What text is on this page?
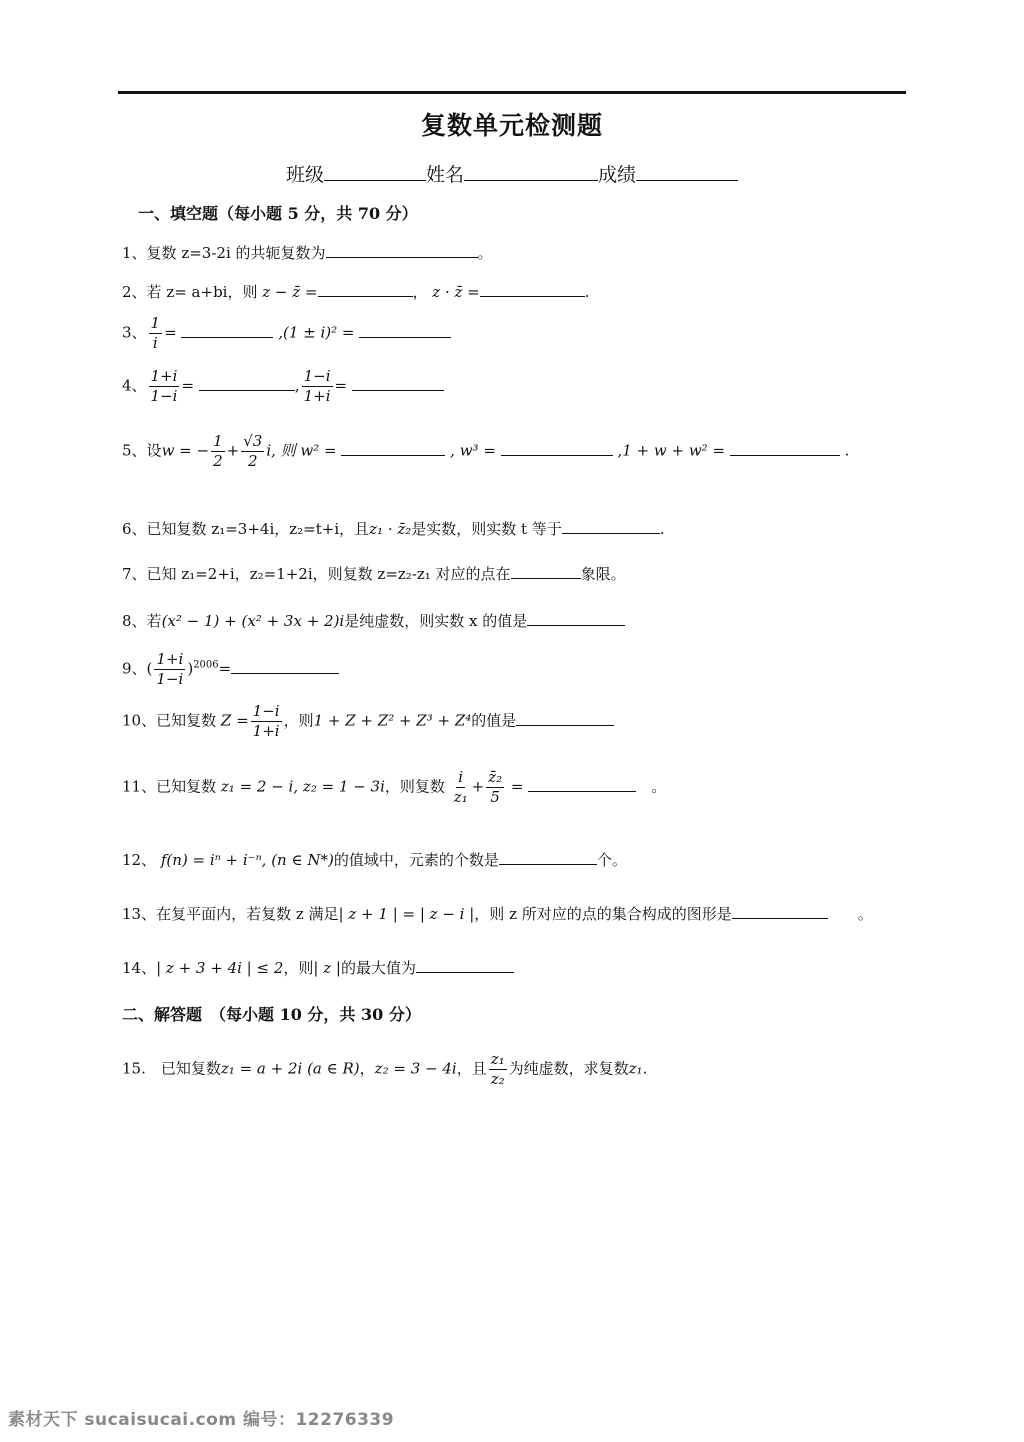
复数单元检测题
班级	姓名	成绩
一、填空题（每小题 5 分，共 70 分）
1、复数 z=3-2i 的共轭复数为	。
2、若 z= a+bi，则 z − z̄ =	， z · z̄ =	.
3、 $\frac{1}{i}$ =	,(1 ± i)² =
4、 $\frac{1+i}{1-i}$ =	, $\frac{1-i}{1+i}$ =
5、设w = − $\frac{1}{2} + \frac{√3}{2} i$, 则 w² =	, w³ =	,1 + w + w² =	.
6、已知复数 z₁=3+4i，z₂=t+i，且z₁ · z̄₂是实数，则实数 t 等于	.
7、已知 z₁=2+i，z₂=1+2i，则复数 z=z₂-z₁ 对应的点在	象限。
8、若(x² − 1) + (x² + 3x + 2)i是纯虚数，则实数 x 的值是
9、( $\frac{1+i}{1-i} )^{2006}=$
10、已知复数 $Z = \frac{1-i}{1+i}$ ，则1 + Z + Z² + Z³ + Z⁴的值是
11、已知复数 z₁ = 2 − i, z₂ = 1 − 3i，则复数 $\frac{i}{\text{z₁}} + \frac{\text{z̄₂}}{5}$ = 　	。
12、 f(n) = iⁿ + i⁻ⁿ, (n ∈ N*)的值域中，元素的个数是	个。
13、在复平面内，若复数 z 满足| z + 1 | = | z − i |，则 z 所对应的点的集合构成的图形是　　	。
14、| z + 3 + 4i | ≤ 2，则| z |的最大值为
二、解答题　（每小题 10 分，共 30 分）
15.　 已知复数z₁ = a + 2i (a ∈ R)，z₂ = 3 − 4i，且 $\frac{\text{z₁}}{\text{z₂}}$ 为纯虚数，求复数z₁.
素材天下 sucaisucai.com 编号：12276339
